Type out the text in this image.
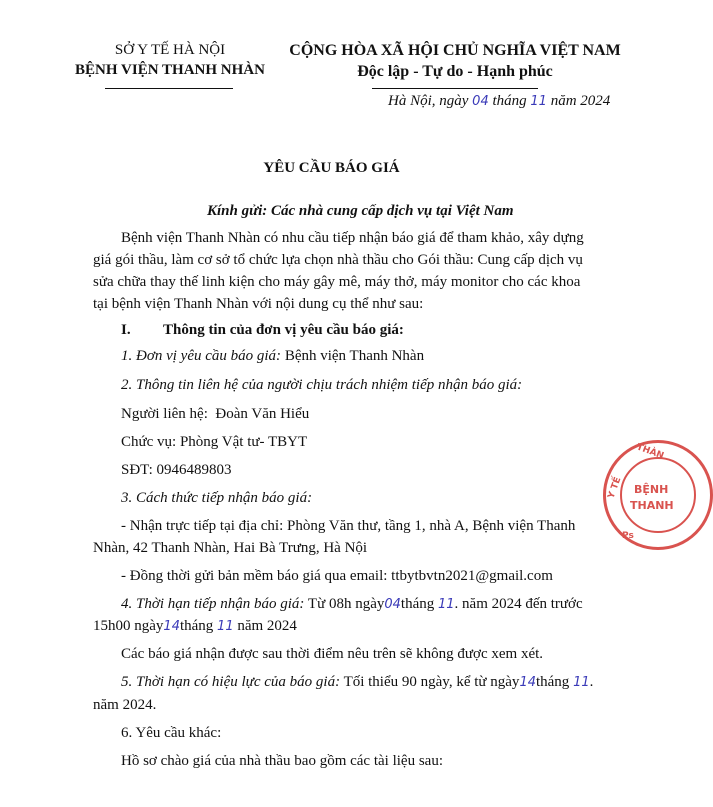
SỞ Y TẾ HÀ NỘI
BỆNH VIỆN THANH NHÀN
CỘNG HÒA XÃ HỘI CHỦ NGHĨA VIỆT NAM
Độc lập - Tự do - Hạnh phúc
Hà Nội, ngày 04 tháng 11 năm 2024
YÊU CẦU BÁO GIÁ
Kính gửi: Các nhà cung cấp dịch vụ tại Việt Nam
Bệnh viện Thanh Nhàn có nhu cầu tiếp nhận báo giá để tham khảo, xây dựng
giá gói thầu, làm cơ sở tổ chức lựa chọn nhà thầu cho Gói thầu: Cung cấp dịch vụ
sửa chữa thay thế linh kiện cho máy gây mê, máy thở, máy monitor cho các khoa
tại bệnh viện Thanh Nhàn với nội dung cụ thể như sau:
I. Thông tin của đơn vị yêu cầu báo giá:
1. Đơn vị yêu cầu báo giá: Bệnh viện Thanh Nhàn
2. Thông tin liên hệ của người chịu trách nhiệm tiếp nhận báo giá:
Người liên hệ: Đoàn Văn Hiểu
Chức vụ: Phòng Vật tư- TBYT
SĐT: 0946489803
3. Cách thức tiếp nhận báo giá:
- Nhận trực tiếp tại địa chỉ: Phòng Văn thư, tầng 1, nhà A, Bệnh viện Thanh
Nhàn, 42 Thanh Nhàn, Hai Bà Trưng, Hà Nội
- Đồng thời gửi bản mềm báo giá qua email: ttbytbvtn2021@gmail.com
4. Thời hạn tiếp nhận báo giá: Từ 08h ngày04tháng 11. năm 2024 đến trước
15h00 ngày14tháng 11 năm 2024
Các báo giá nhận được sau thời điểm nêu trên sẽ không được xem xét.
5. Thời hạn có hiệu lực của báo giá: Tối thiểu 90 ngày, kể từ ngày14tháng 11.
năm 2024.
6. Yêu cầu khác:
Hồ sơ chào giá của nhà thầu bao gồm các tài liệu sau:
THÀN
BỆNH
THANH
Y TẾ
Ps
